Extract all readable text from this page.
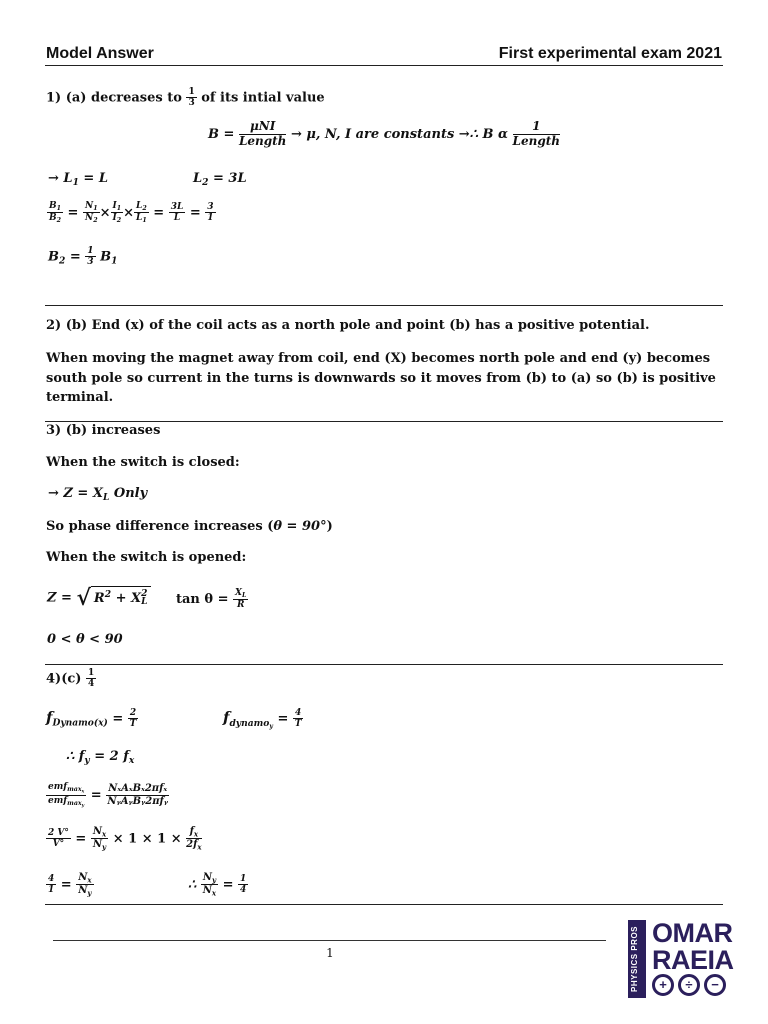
Model Answer	First experimental exam 2021
1) (a) decreases to $\frac{1}{3}$ of its intial value
B =
μNI
Length → μ, N, I are constants →∴ B α
1
Length
→ $L_1 = L$	$L_2 = 3L$
$\frac{B_1}{B_2} = \frac{N_1}{N_2} \times \frac{I_1}{I_2} \times \frac{L_2}{L_1} = \frac{3L}{L} = \frac{3}{1}$
$B_2 = \frac{1}{3} B_1$
2) (b) End (x) of the coil acts as a north pole and point (b) has a positive potential.
When moving the magnet away from coil, end (X) becomes north pole and end (y) becomes south pole so current in the turns is downwards so it moves from (b) to (a) so (b) is positive terminal.
3) (b) increases
When the switch is closed:
→ $Z = X_L$ Only
So phase difference increases (θ = 90°)
When the switch is opened:
Z = √ $R^2 + X$ 2
L $\tan \theta = \frac{X_L}{R}$
0 < θ < 90
$4)(c) \frac{1}{4}$
$f_{Dynamo(x)} = \frac{2}{T}$	$f_{dynamo_y} = \frac{4}{T}$
∴ $f_y = 2$ $f_x$
emf$_{max_x}$
emf$_{max_y}$
= NₓAₓBₓ2πfₓ
NᵧAᵧBᵧ2πfᵧ
$\frac{2 V^\circ}{V^\circ} = \frac{N_x}{N_y} \times 1 \times 1 \times \frac{f_x}{2f_x}$
$\frac{4}{1} = \frac{N_x}{N_y}$	∴ $\frac{N_y}{N_x} = \frac{1}{4}$
1	PHYSICS PROS OMAR
RAEIA
+ ÷ −
